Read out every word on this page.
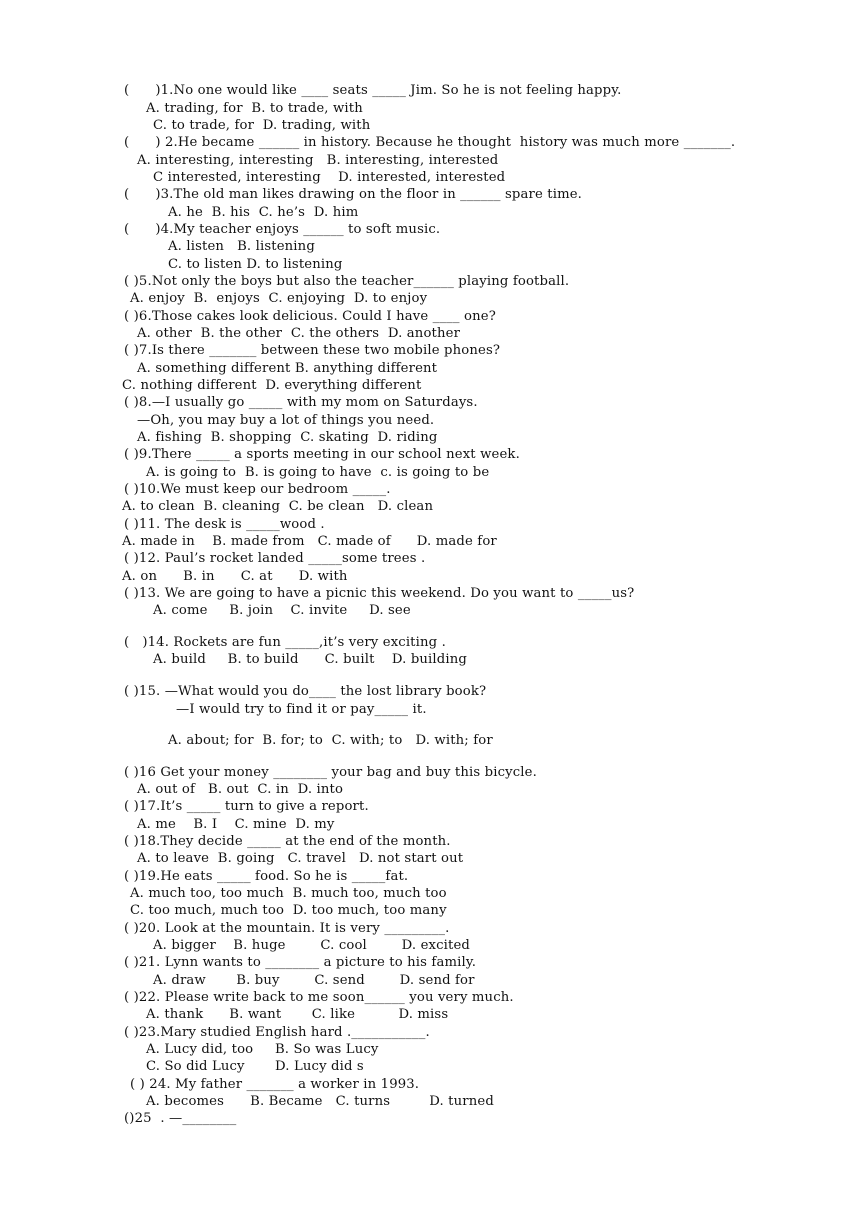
(      )1.No one would like ____ seats _____ Jim. So he is not feeling happy.
A. trading, for  B. to trade, with
C. to trade, for  D. trading, with
(      ) 2.He became ______ in history. Because he thought  history was much more _______.
A. interesting, interesting   B. interesting, interested
C interested, interesting    D. interested, interested
(      )3.The old man likes drawing on the floor in ______ spare time.
A. he  B. his  C. he’s  D. him
(      )4.My teacher enjoys ______ to soft music.
A. listen   B. listening
C. to listen D. to listening
( )5.Not only the boys but also the teacher______ playing football.
A. enjoy  B.  enjoys  C. enjoying  D. to enjoy
( )6.Those cakes look delicious. Could I have ____ one?
A. other  B. the other  C. the others  D. another
( )7.Is there _______ between these two mobile phones?
A. something different B. anything different
C. nothing different  D. everything different
( )8.—I usually go _____ with my mom on Saturdays.
—Oh, you may buy a lot of things you need.
A. fishing  B. shopping  C. skating  D. riding
( )9.There _____ a sports meeting in our school next week.
A. is going to  B. is going to have  c. is going to be
( )10.We must keep our bedroom _____.
A. to clean  B. cleaning  C. be clean   D. clean
( )11. The desk is _____wood .
A. made in    B. made from   C. made of      D. made for
( )12. Paul’s rocket landed _____some trees .
A. on      B. in      C. at      D. with
( )13. We are going to have a picnic this weekend. Do you want to _____us?
A. come     B. join    C. invite     D. see
(   )14. Rockets are fun _____,it’s very exciting .
A. build     B. to build      C. built    D. building
( )15. —What would you do____ the lost library book?
—I would try to find it or pay_____ it.
A. about; for  B. for; to  C. with; to   D. with; for
( )16 Get your money ________ your bag and buy this bicycle.
A. out of   B. out  C. in  D. into
( )17.It’s _____ turn to give a report.
A. me    B. I    C. mine  D. my
( )18.They decide _____ at the end of the month.
A. to leave  B. going   C. travel   D. not start out
( )19.He eats _____ food. So he is _____fat.
A. much too, too much  B. much too, much too
C. too much, much too  D. too much, too many
( )20. Look at the mountain. It is very _________.
A. bigger    B. huge        C. cool        D. excited
( )21. Lynn wants to ________ a picture to his family.
A. draw       B. buy        C. send        D. send for
( )22. Please write back to me soon______ you very much.
A. thank      B. want       C. like          D. miss
( )23.Mary studied English hard .___________.
A. Lucy did, too     B. So was Lucy
C. So did Lucy       D. Lucy did s
( ) 24. My father _______ a worker in 1993.
A. becomes      B. Became   C. turns         D. turned
()25  . —________
